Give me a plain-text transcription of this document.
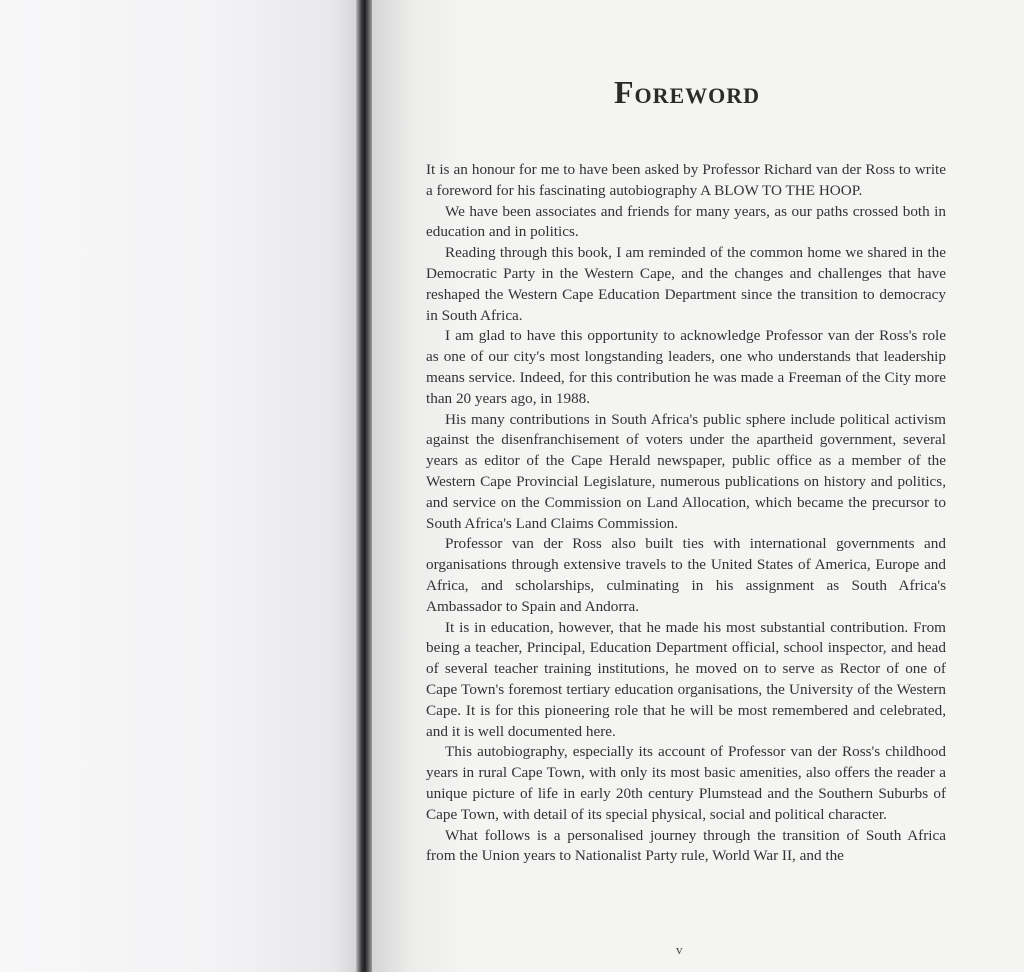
Foreword

It is an honour for me to have been asked by Professor Richard van der Ross to write a foreword for his fascinating autobiography A BLOW TO THE HOOP.

We have been associates and friends for many years, as our paths crossed both in education and in politics.

Reading through this book, I am reminded of the common home we shared in the Democratic Party in the Western Cape, and the changes and challenges that have reshaped the Western Cape Education Department since the transition to democracy in South Africa.

I am glad to have this opportunity to acknowledge Professor van der Ross's role as one of our city's most longstanding leaders, one who understands that leadership means service. Indeed, for this contribution he was made a Freeman of the City more than 20 years ago, in 1988.

His many contributions in South Africa's public sphere include political activism against the disenfranchisement of voters under the apartheid government, several years as editor of the Cape Herald newspaper, public office as a member of the Western Cape Provincial Legislature, numerous publications on history and politics, and service on the Commission on Land Allocation, which became the precursor to South Africa's Land Claims Commission.

Professor van der Ross also built ties with international governments and organisations through extensive travels to the United States of America, Europe and Africa, and scholarships, culminating in his assignment as South Africa's Ambassador to Spain and Andorra.

It is in education, however, that he made his most substantial contribution. From being a teacher, Principal, Education Department official, school inspector, and head of several teacher training institutions, he moved on to serve as Rector of one of Cape Town's foremost tertiary education organisations, the University of the Western Cape. It is for this pioneering role that he will be most remembered and celebrated, and it is well documented here.

This autobiography, especially its account of Professor van der Ross's childhood years in rural Cape Town, with only its most basic amenities, also offers the reader a unique picture of life in early 20th century Plumstead and the Southern Suburbs of Cape Town, with detail of its special physical, social and political character.

What follows is a personalised journey through the transition of South Africa from the Union years to Nationalist Party rule, World War II, and the

v
